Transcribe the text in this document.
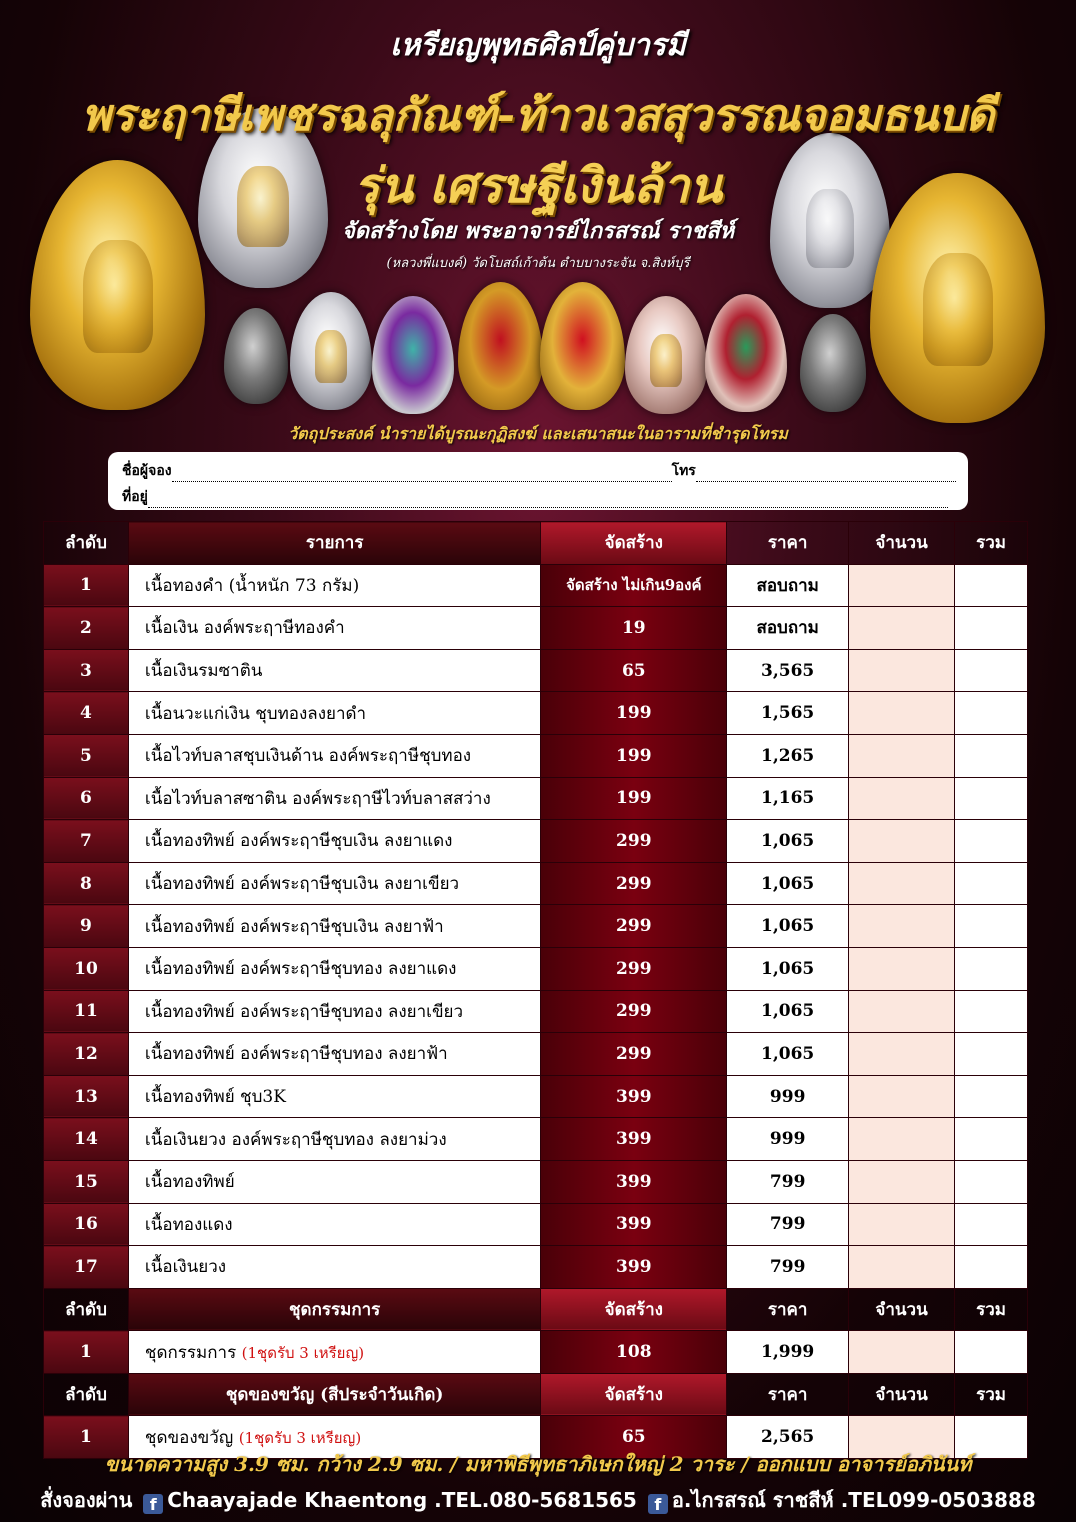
เหรียญพุทธศิลป์คู่บารมี
พระฤาษีเพชรฉลุกัณฑ์-ท้าวเวสสุวรรณจอมธนบดี
รุ่น เศรษฐีเงินล้าน
จัดสร้างโดย พระอาจารย์ไกรสรณ์ ราชสีห์
(หลวงพี่แบงค์) วัดโบสถ์เก้าต้น ตำบบางระจัน จ.สิงห์บุรี
วัตถุประสงค์ นำรายได้บูรณะกุฏิสงฆ์ และเสนาสนะในอารามที่ชำรุดโทรม
ชื่อผู้จอง	โทร
ที่อยู่
ลำดับ	รายการ	จัดสร้าง	ราคา	จำนวน	รวม
1	เนื้อทองคำ (น้ำหนัก 73 กรัม)	จัดสร้าง ไม่เกิน9องค์	สอบถาม		
2	เนื้อเงิน องค์พระฤาษีทองคำ	19	สอบถาม		
3	เนื้อเงินรมซาติน	65	3,565		
4	เนื้อนวะแก่เงิน ชุบทองลงยาดำ	199	1,565		
5	เนื้อไวท์บลาสชุบเงินด้าน องค์พระฤาษีชุบทอง	199	1,265		
6	เนื้อไวท์บลาสซาติน องค์พระฤาษีไวท์บลาสสว่าง	199	1,165		
7	เนื้อทองทิพย์ องค์พระฤาษีชุบเงิน ลงยาแดง	299	1,065		
8	เนื้อทองทิพย์ องค์พระฤาษีชุบเงิน ลงยาเขียว	299	1,065		
9	เนื้อทองทิพย์ องค์พระฤาษีชุบเงิน ลงยาฟ้า	299	1,065		
10	เนื้อทองทิพย์ องค์พระฤาษีชุบทอง ลงยาแดง	299	1,065		
11	เนื้อทองทิพย์ องค์พระฤาษีชุบทอง ลงยาเขียว	299	1,065		
12	เนื้อทองทิพย์ องค์พระฤาษีชุบทอง ลงยาฟ้า	299	1,065		
13	เนื้อทองทิพย์ ชุบ3K	399	999		
14	เนื้อเงินยวง องค์พระฤาษีชุบทอง ลงยาม่วง	399	999		
15	เนื้อทองทิพย์	399	799		
16	เนื้อทองแดง	399	799		
17	เนื้อเงินยวง	399	799		
ลำดับ	ชุดกรรมการ	จัดสร้าง	ราคา	จำนวน	รวม
1	ชุดกรรมการ (1ชุดรับ 3 เหรียญ)	108	1,999		
ลำดับ	ชุดของขวัญ (สีประจำวันเกิด)	จัดสร้าง	ราคา	จำนวน	รวม
1	ชุดของขวัญ (1ชุดรับ 3 เหรียญ)	65	2,565		
ขนาดความสูง 3.9 ซม. กว้าง 2.9 ซม. / มหาพิธีพุทธาภิเษกใหญ่ 2 วาระ / ออกแบบ อาจารย์อภินันท์
สั่งจองผ่าน f Chaayajade Khaentong .TEL.080-5681565 f อ.ไกรสรณ์ ราชสีห์ .TEL099-0503888
